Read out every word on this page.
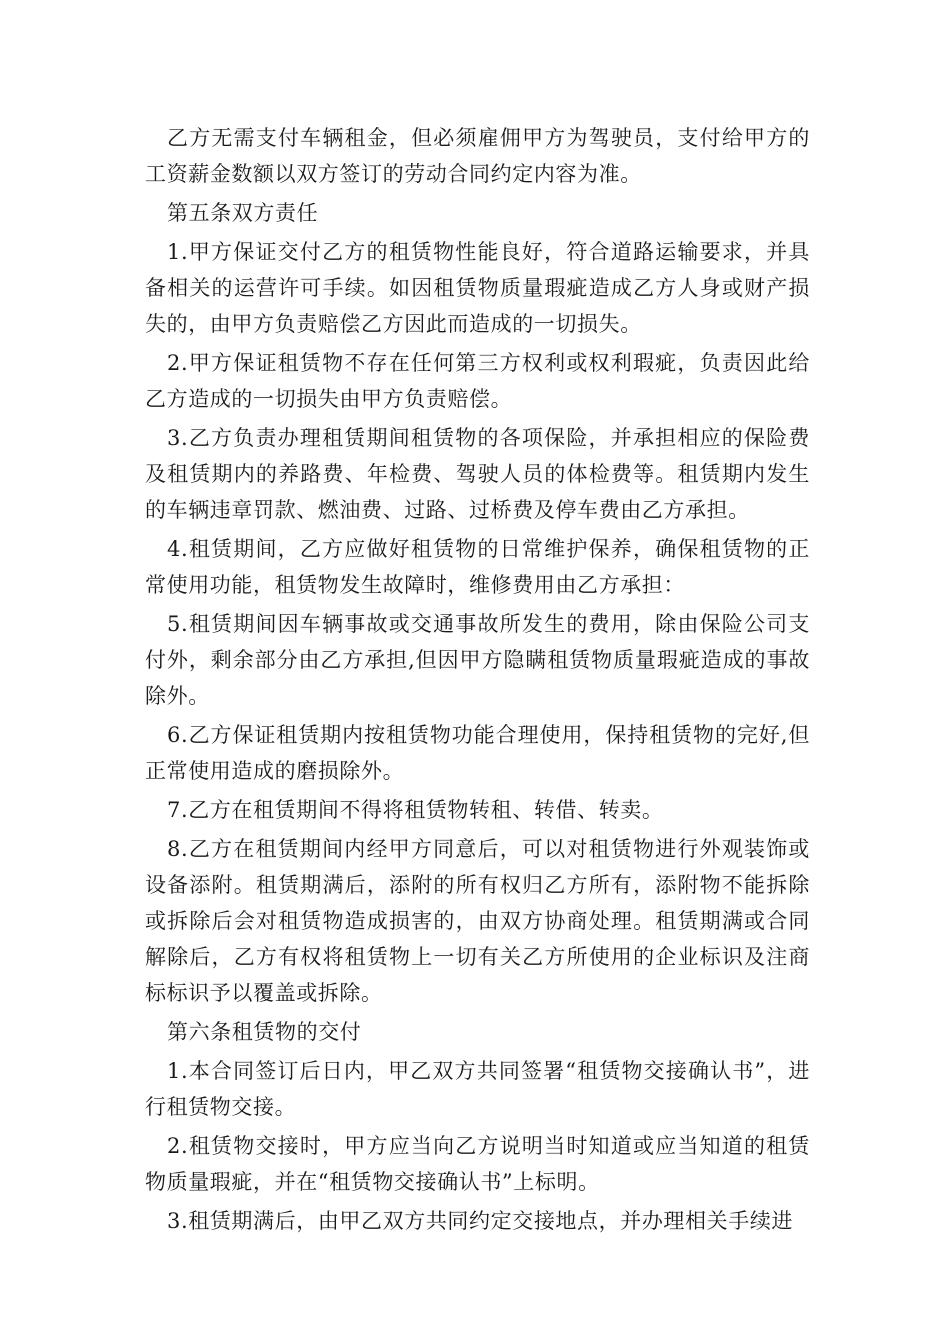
乙方无需支付车辆租金，但必须雇佣甲方为驾驶员，支付给甲方的工资薪金数额以双方签订的劳动合同约定内容为准。

第五条双方责任

1.甲方保证交付乙方的租赁物性能良好，符合道路运输要求，并具备相关的运营许可手续。如因租赁物质量瑕疵造成乙方人身或财产损失的，由甲方负责赔偿乙方因此而造成的一切损失。

2.甲方保证租赁物不存在任何第三方权利或权利瑕疵，负责因此给乙方造成的一切损失由甲方负责赔偿。

3.乙方负责办理租赁期间租赁物的各项保险，并承担相应的保险费及租赁期内的养路费、年检费、驾驶人员的体检费等。租赁期内发生的车辆违章罚款、燃油费、过路、过桥费及停车费由乙方承担。

4.租赁期间，乙方应做好租赁物的日常维护保养，确保租赁物的正常使用功能，租赁物发生故障时，维修费用由乙方承担：

5.租赁期间因车辆事故或交通事故所发生的费用，除由保险公司支付外，剩余部分由乙方承担,但因甲方隐瞒租赁物质量瑕疵造成的事故除外。

6.乙方保证租赁期内按租赁物功能合理使用，保持租赁物的完好,但正常使用造成的磨损除外。

7.乙方在租赁期间不得将租赁物转租、转借、转卖。

8.乙方在租赁期间内经甲方同意后，可以对租赁物进行外观装饰或设备添附。租赁期满后，添附的所有权归乙方所有，添附物不能拆除或拆除后会对租赁物造成损害的，由双方协商处理。租赁期满或合同解除后，乙方有权将租赁物上一切有关乙方所使用的企业标识及注商标标识予以覆盖或拆除。

第六条租赁物的交付

1.本合同签订后日内，甲乙双方共同签署“租赁物交接确认书”，进行租赁物交接。

2.租赁物交接时，甲方应当向乙方说明当时知道或应当知道的租赁物质量瑕疵，并在“租赁物交接确认书”上标明。

3.租赁期满后，由甲乙双方共同约定交接地点，并办理相关手续进
